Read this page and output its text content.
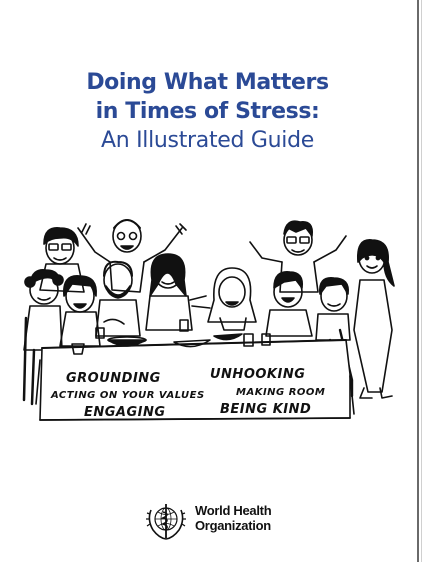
Doing What Matters
in Times of Stress:
An Illustrated Guide
GROUNDING	UNHOOKING
ACTING ON YOUR VALUES	MAKING ROOM
ENGAGING	BEING KIND
World Health
Organization
